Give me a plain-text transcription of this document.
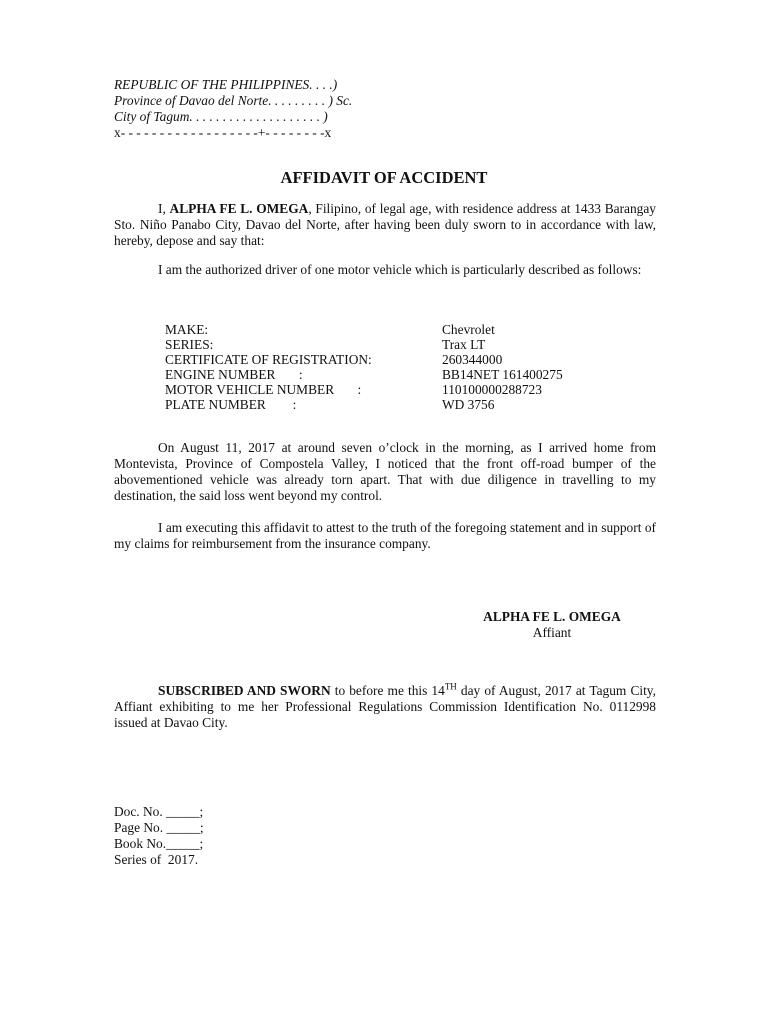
REPUBLIC OF THE PHILIPPINES. . . .)
Province of Davao del Norte. . . . . . . . . ) Sc.
City of Tagum. . . . . . . . . . . . . . . . . . . . )
x- - - - - - - - - - - - - - - - - -+- - - - - - - -x
AFFIDAVIT OF ACCIDENT
I, ALPHA FE L. OMEGA, Filipino, of legal age, with residence address at 1433 Barangay Sto. Niño Panabo City, Davao del Norte, after having been duly sworn to in accordance with law, hereby, depose and say that:
I am the authorized driver of one motor vehicle which is particularly described as follows:
MAKE:	Chevrolet
SERIES:	Trax LT
CERTIFICATE OF REGISTRATION:	260344000
ENGINE NUMBER       :	BB14NET 161400275
MOTOR VEHICLE NUMBER       :	110100000288723
PLATE NUMBER        :	WD 3756
On August 11, 2017 at around seven o’clock in the morning, as I arrived home from Montevista, Province of Compostela Valley, I noticed that the front off-road bumper of the abovementioned vehicle was already torn apart. That with due diligence in travelling to my destination, the said loss went beyond my control.
I am executing this affidavit to attest to the truth of the foregoing statement and in support of my claims for reimbursement from the insurance company.
ALPHA FE L. OMEGA
Affiant
SUBSCRIBED AND SWORN to before me this 14TH day of August, 2017 at Tagum City, Affiant exhibiting to me her Professional Regulations Commission Identification No. 0112998 issued at Davao City.
Doc. No. _____;
Page No. _____;
Book No._____;
Series of  2017.
